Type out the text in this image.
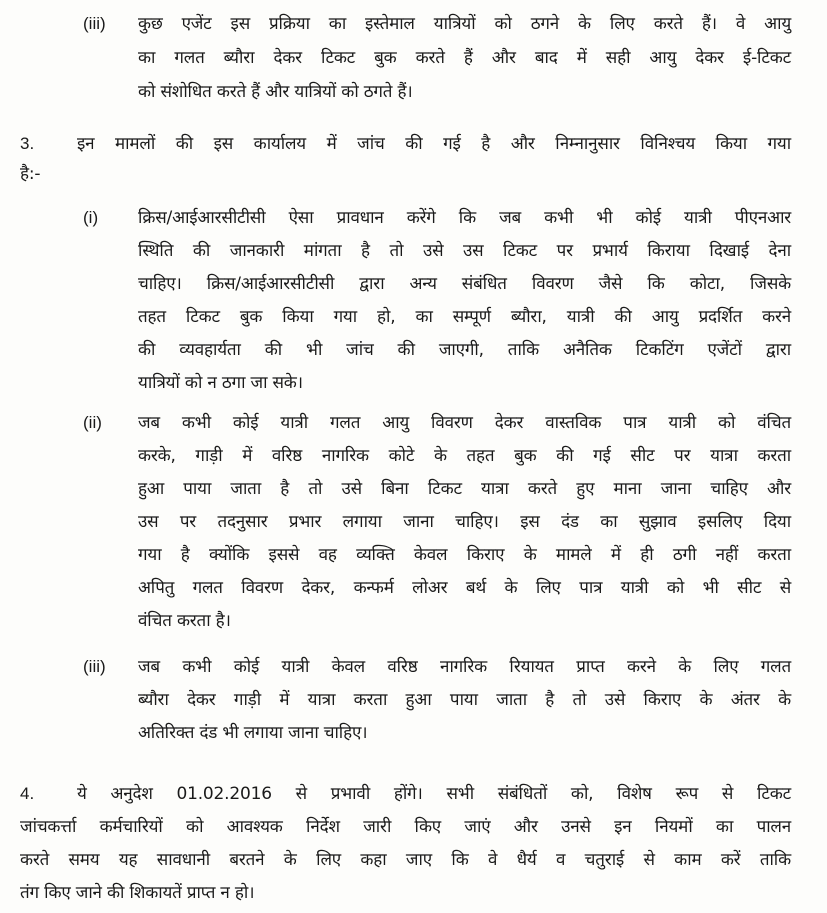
(iii) कुछ एजेंट इस प्रक्रिया का इस्तेमाल यात्रियों को ठगने के लिए करते हैं। वे आयु
का गलत ब्यौरा देकर टिकट बुक करते हैं और बाद में सही आयु देकर ई-टिकट
को संशोधित करते हैं और यात्रियों को ठगते हैं।
3.	इन मामलों की इस कार्यालय में जांच की गई है और निम्नानुसार विनिश्चय किया गया
है:-
(i) क्रिस/आईआरसीटीसी ऐसा प्रावधान करेंगे कि जब कभी भी कोई यात्री पीएनआर
स्थिति की जानकारी मांगता है तो उसे उस टिकट पर प्रभार्य किराया दिखाई देना
चाहिए। क्रिस/आईआरसीटीसी द्वारा अन्य संबंधित विवरण जैसे कि कोटा, जिसके
तहत टिकट बुक किया गया हो, का सम्पूर्ण ब्यौरा, यात्री की आयु प्रदर्शित करने
की व्यवहार्यता की भी जांच की जाएगी, ताकि अनैतिक टिकटिंग एजेंटों द्वारा
यात्रियों को न ठगा जा सके।
(ii) जब कभी कोई यात्री गलत आयु विवरण देकर वास्तविक पात्र यात्री को वंचित
करके, गाड़ी में वरिष्ठ नागरिक कोटे के तहत बुक की गई सीट पर यात्रा करता
हुआ पाया जाता है तो उसे बिना टिकट यात्रा करते हुए माना जाना चाहिए और
उस पर तदनुसार प्रभार लगाया जाना चाहिए। इस दंड का सुझाव इसलिए दिया
गया है क्योंकि इससे वह व्यक्ति केवल किराए के मामले में ही ठगी नहीं करता
अपितु गलत विवरण देकर, कन्फर्म लोअर बर्थ के लिए पात्र यात्री को भी सीट से
वंचित करता है।
(iii) जब कभी कोई यात्री केवल वरिष्ठ नागरिक रियायत प्राप्त करने के लिए गलत
ब्यौरा देकर गाड़ी में यात्रा करता हुआ पाया जाता है तो उसे किराए के अंतर के
अतिरिक्त दंड भी लगाया जाना चाहिए।
4.	ये अनुदेश 01.02.2016 से प्रभावी होंगे। सभी संबंधितों को, विशेष रूप से टिकट
जांचकर्त्ता कर्मचारियों को आवश्यक निर्देश जारी किए जाएं और उनसे इन नियमों का पालन
करते समय यह सावधानी बरतने के लिए कहा जाए कि वे धैर्य व चतुराई से काम करें ताकि
तंग किए जाने की शिकायतें प्राप्त न हो।
